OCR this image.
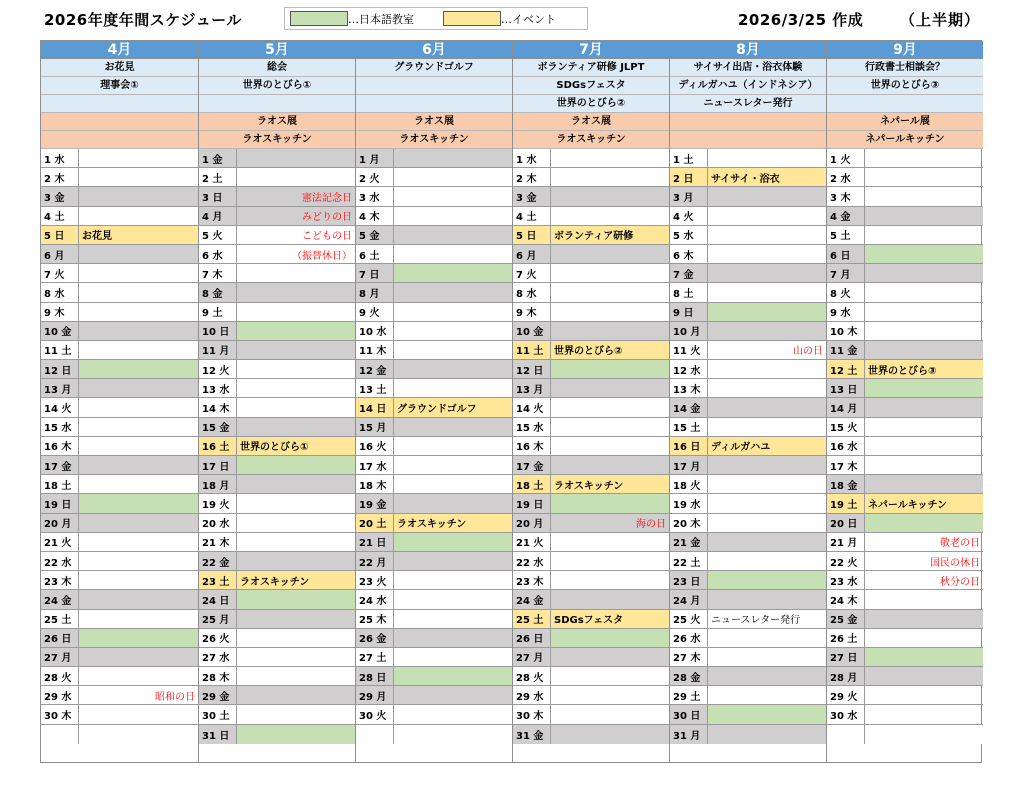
2026年度年間スケジュール	…日本語教室	…イベント	2026/3/25 作成 （上半期）
4月
お花見
理事会①
1 水
2 木
3 金
4 土
5 日	お花見
6 月
7 火
8 水
9 木
10 金
11 土
12 日
13 月
14 火
15 水
16 木
17 金
18 土
19 日
20 月
21 火
22 水
23 木
24 金
25 土
26 日
27 月
28 火
29 水	昭和の日
30 木
5月
総会
世界のとびら①
ラオス展
ラオスキッチン
1 金
2 土
3 日	憲法記念日
4 月	みどりの日
5 火	こどもの日
6 水	（振替休日）
7 木
8 金
9 土
10 日
11 月
12 火
13 水
14 木
15 金
16 土	世界のとびら①
17 日
18 月
19 火
20 水
21 木
22 金
23 土	ラオスキッチン
24 日
25 月
26 火
27 水
28 木
29 金
30 土
31 日
6月
グラウンドゴルフ
ラオス展
ラオスキッチン
1 月
2 火
3 水
4 木
5 金
6 土
7 日
8 月
9 火
10 水
11 木
12 金
13 土
14 日	グラウンドゴルフ
15 月
16 火
17 水
18 木
19 金
20 土	ラオスキッチン
21 日
22 月
23 火
24 水
25 木
26 金
27 土
28 日
29 月
30 火
7月
ボランティア研修 JLPT
SDGsフェスタ
世界のとびら②
ラオス展
ラオスキッチン
1 水
2 木
3 金
4 土
5 日	ボランティア研修
6 月
7 火
8 水
9 木
10 金
11 土	世界のとびら②
12 日
13 月
14 火
15 水
16 木
17 金
18 土	ラオスキッチン
19 日
20 月	海の日
21 火
22 水
23 木
24 金
25 土	SDGsフェスタ
26 日
27 月
28 火
29 水
30 木
31 金
8月
サイサイ出店・浴衣体験
ディルガハユ（インドネシア）
ニュースレター発行
1 土
2 日	サイサイ・浴衣
3 月
4 火
5 水
6 木
7 金
8 土
9 日
10 月
11 火	山の日
12 水
13 木
14 金
15 土
16 日	ディルガハユ
17 月
18 火
19 水
20 木
21 金
22 土
23 日
24 月
25 火	ニュースレター発行
26 水
27 木
28 金
29 土
30 日
31 月
9月
行政書士相談会？
世界のとびら③
ネパール展
ネパールキッチン
1 火
2 水
3 木
4 金
5 土
6 日
7 月
8 火
9 水
10 木
11 金
12 土	世界のとびら③
13 日
14 月
15 火
16 水
17 木
18 金
19 土	ネパールキッチン
20 日
21 月	敬老の日
22 火	国民の休日
23 水	秋分の日
24 木
25 金
26 土
27 日
28 月
29 火
30 水
